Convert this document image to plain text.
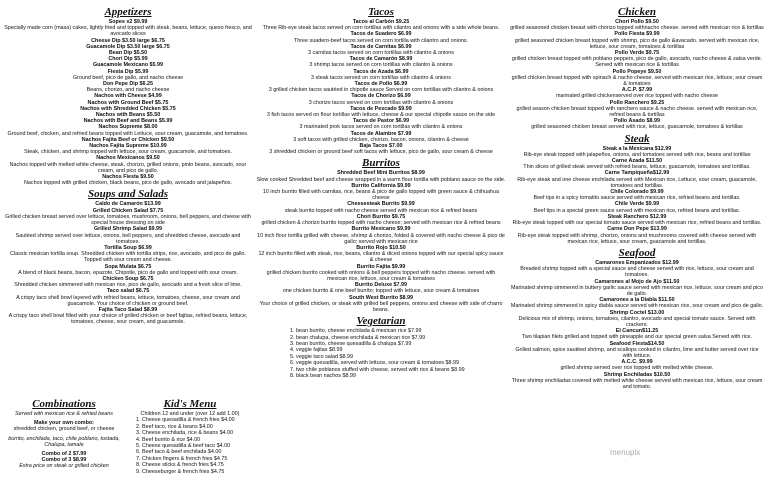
Appetizers

Sopes x2 $9.99

Specially made corn (masa) cakes, lightly fried and topped with steak, beans, lettuce, queso fresco, and avocado slices

Cheese Dip $3.50 large $6.75

Guacamole Dip $3.50 large $6.75

Bean Dip $5.50

Chori Dip $5.99

Guacamole Mexicano $5.99

Fiesta Dip $5.99

Ground beef, pico de gallo, and nacho cheese

Don Pepe Dip $6.25

Beans, chorizo, and nacho cheese

Nachos with Cheese $4.99

Nachos with Ground Beef $5.75

Nachos with Shredded Chicken $5.75

Nachos with Beans $5.50

Nachos with Beef and Beans $5.99

Nachos Supreme $8.00

Ground beef, chicken, and refried beans topped with Lettuce, sour cream, guacamole, and tomatoes.

Nachos Fajita Beef or Chicken $9.50

Nachos Fajita Supreme $10.99

Steak, chicken, and shrimp topped with lettuce, sour cream, guacamole, and tomatoes.

Nachos Mexicanos $9.50

Nachos topped with melted white cheese, steak, chorizo, grilled onions, pinto beans, avocado, sour cream, and pico de gallo.

Nachos Fiesta $9.50

Nachos topped with grilled chicken, black beans, pico de gallo, avocado and jalapeños.

Soups and Salads

Caldo de Camarón $13.99

Grilled Chicken Salad $7.75

Grilled chicken breast served over lettuce, tomatoes, mushroom, onions, bell peppers, and cheese with special house dressing on side

Grilled Shrimp Salad $9.99

Sautéed shrimp served over lettuce, onions, bell peppers, and shredded cheese, avocado and tomatoes.

Tortilla Soup $6.99

Classic mexican tortilla soup. Shredded chicken with tortilla strips, rice, avocado, and pico de gallo. Topped with sour cream and cheese.

Sopa Mulata $6.75

A blend of black beans, bacon, epazote, Chipotle, pico de gallo and topped with sour cream.

Chicken Soup $6.75

Shredded chicken simmered with mexican rice, pico de gallo, avocado and a fresh slice of lime.

Taco salad $6.75

A crispy taco shell bowl layered with refried beans, lettuce, tomatoes, cheese, sour cream and guacamole. Your choice of chicken or ground beef.

Fajita Taco Salad $8.99

A crispy taco shell bowl filled with your choice of grilled chicken or beef fajitas, refried beans, lettuce, tomatoes, cheese, sour cream, and guacamole.

Combinations

Served with mexican rice & refried beans

Make your own combo:

shredded chicken, ground beef, or cheese

burrito, enchilada, taco, chile poblano, tostada, Chalupa, tamale

Combo of 2 $7.99

Combo of 3 $8.99

Extra price on steak or grilled chicken

Kid's Menu

Children 12 and under (over 12 add 1.00)

1. Cheese quesadilla & french fries $4.00

2. Beef taco, rice & beans $4.00

3. Cheese enchilada, rice & beans $4.00

4. Beef burrito & rice $4.00

5. Cheese quesadilla & beef taco $4.00

6. Beef taco & beef enchilada $4.00

7. Chicken fingers & french fries $4.75

8. Cheese sticks & french fries $4.75

9. Cheeseburger & french fries $4.75

Tacos

Tacos al Carbón $9.25

Three Rib-eye steak tacos served on corn tortillas with cilantro and onions with a side whole beans.

Tacos de Suadero $6.99

Three suadero-beef tacos served on corn tortilla with cilantro and onions.

Tacos de Carnitas $6.99

3 carnitas tacos served on corn tortillas with cilantro & onions

Tacos de Camarón $8.99

3 shrimp tacos served on corn tortillas with cilantro & onions

Tacos de Azada $6.99

3 steak tacos served on corn tortillas with cilantro & onions

Tacos de Pollo $6.99

3 grilled chicken tacos sautéed in chipotle sauce Served on corn tortillas with cilantro & onions

Tacos de Chorizo $6.99

3 chorizo tacos served on corn tortillas with cilantro & onions

Tacos de Pescado $9.99

3 fish tacos served on flour tortillas with lettuce, cheese & our special chipotle sauce on the side

Tacos de Pastor $6.99

3 marinated prok tacos served on corn tortillas with cilantro & onions

Tacos de Alambre $7.99

3 soft tacos with grilled chicken, chorizo, bacon, onions, cilantro & cheese

Baja Tacos $7.00

3 shredded chicken or ground beef soft tacos with lettuce, pico de gallo, sour cream & cheese

Burritos

Shredded Beef Mini Burritos $8.99

Slow cooked Shredded beef and cheese wrapped in a warm flour tortilla with poblano sauce on the side.

Burrito California $9.99

10 inch burrito filled with carnitas, rice, beans & pico de gallo topped with green sauce & chihuahua cheese

Cheesesteak Burrito $9.99

steak burrito topped with nacho cheese served with mexican rice & refried beans

Chori Burrito $9.75

grilled chicken & chorizo burrito topped with nacho cheese; served with mexican rice & refried beans

Burrito Mexicano $9.99

10 inch flour tortilla grilled with cheese, shrimp & chorizo, folded & covered with nacho cheese & pico de gallo; served with mexican rice

Burrito Rojo $10.50

12 inch burrito filled with steak, rice, beans, cilantro & diced onions topped with our special spicy sauce & cheese

Burrito Fajita $9.99

grilled chicken burrito cooked with onions & bell peppers topped with nacho cheese. served with mexican rice, lettuce, sour cream & tomatoes

Burrito Deluxe $7.99

one chicken burrito & one beef burrito; topped with lettuce, sour cream & tomatoes

South West Burrito $8.99

Your choice of grilled chicken, or steak with grilled bell peppers, onions and cheese with side of charro beans.

Vegetarian

1. bean burrito, cheese enchilada & mexican rice $7.99

2. bean chalupa, cheese enchilada & mexican rice $7.99

3. bean burrito, cheese quesadilla & chalupa $7.99

4. veggie fajitas $8.99

5. veggie taco salad $8.99

6. veggie quesadilla, served with lettuce, sour cream & tomatoes $8.99

7. two chile poblanos stuffed with cheese, served with rice & beans $8.99

8. black bean nachos $8.99

Chicken

Chori Pollo $9.50

grilled seasoned chicken breast with chorizo topped withnacho cheese. served with mexican rice & tortillas

Pollo Fiesta $9.99

grilled seasoned chicken breast topped with shrimp, pico de gallo &avacado. served with mexican rice, lettuce, sour cream, tomatoes & tortillas

Pollo Verde $9.75

grilled chicken breast topped with poblano peppers, pico de gallo, avocado, nacho cheese & salsa verde. Served with mexican rice & tortillas

Pollo Popeye $9.50

grilled chicken breast topped with spinach & nacho cheese. served with mexican rice, lettuce, sour cream & tomatoes

A.C.P. $7.99

marinated grilled chickenserved over rice topped with nacho cheese

Pollo Ranchero $9.25

grilled season chicken breast topped with ranchero sauce & nacho cheese. served with mexican rice, refried beans & tortillas

Pollo Asado $8.99

grilled seasoned chicken breast served with rice, lettuce, guacamole, tomatoes & tortillas

Steak

Steak a la Mexicana $12.99

Rib-eye steak topped with jalapeños, onions, and tomatoes served with rice, beans and tortillas

Carne Azada $11.50

Thin slices of grilled steak served with refried beans, lettuce, guacamole, tomatoes and tortillas.

Carne Tampiqueña$12.99

Rib-eye steak and one cheese enchilada served with Mexican rice, Lettuce, sour cream, guacamole, tomatoes and tortillas.

Chile Colorado $9.99

Beef tips in a spicy tomatito sauce served with mexican rice, refried beans and tortillas.

Chile Verde $9.99

Beef tips in a special green sauce served with mexican rice, refried beans and tortillas.

Steak Ranchero $12.99

Rib-eye steak topped with our special tomato sauce served with mexican rice, refried beans and tortillas.

Carne Don Pepe $13.99

Rib-eye steak topped with shrimp, chorizo, onions and mushrooms covered with cheese served with mexican rice, lettuce, sour cream, guacamole and tortillas.

Seafood

Camarones Empanizados $12.99

Breaded shrimp topped with a special sauce and cheese served with rice, lettuce, sour cream and tomatoes.

Camarones al Mojo de Ajo $11.50

Marinated shrimp simmered in buttery garlic sauce served with mexican rice, lettuce, sour cream and pico de gallo.

Camarones a la Diabla $11.50

Marinated shrimp simmered in spicy diabla sauce served with mexican rice, sour cream and pico de gallo.

Shrimp Coctel $13.00

Delicious mix of shrimp, onions, tomatoes, cilantro, avocado and special tomato sauce. Served with crackers.

El Cancun$11.25

Two tilapian filets grilled and topped with pineapple and our special green salsa Served with rice.

Seafood Fiesta$14.50

Grilled salmon, spice sautéed shrimp, and scallops cooked in cilantro, lime and butter served over rice with lettuce.

A.C.C. $9.99

grilled shrimp served over rice topped with melted white cheese.

Shrimp Enchiladas $10.50

Three shrimp enchiladas covered with melted white cheese served with mexican rice, lettuce, sour cream and tomato.

menupix
